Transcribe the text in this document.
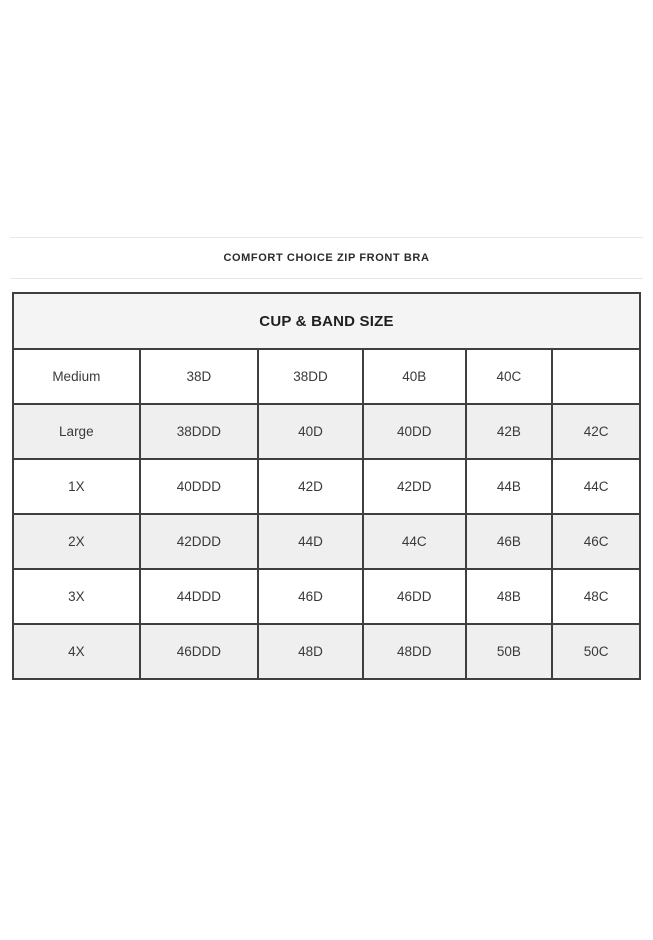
COMFORT CHOICE ZIP FRONT BRA
CUP & BAND SIZE					
Medium	38D	38DD	40B	40C	
Large	38DDD	40D	40DD	42B	42C
1X	40DDD	42D	42DD	44B	44C
2X	42DDD	44D	44C	46B	46C
3X	44DDD	46D	46DD	48B	48C
4X	46DDD	48D	48DD	50B	50C
